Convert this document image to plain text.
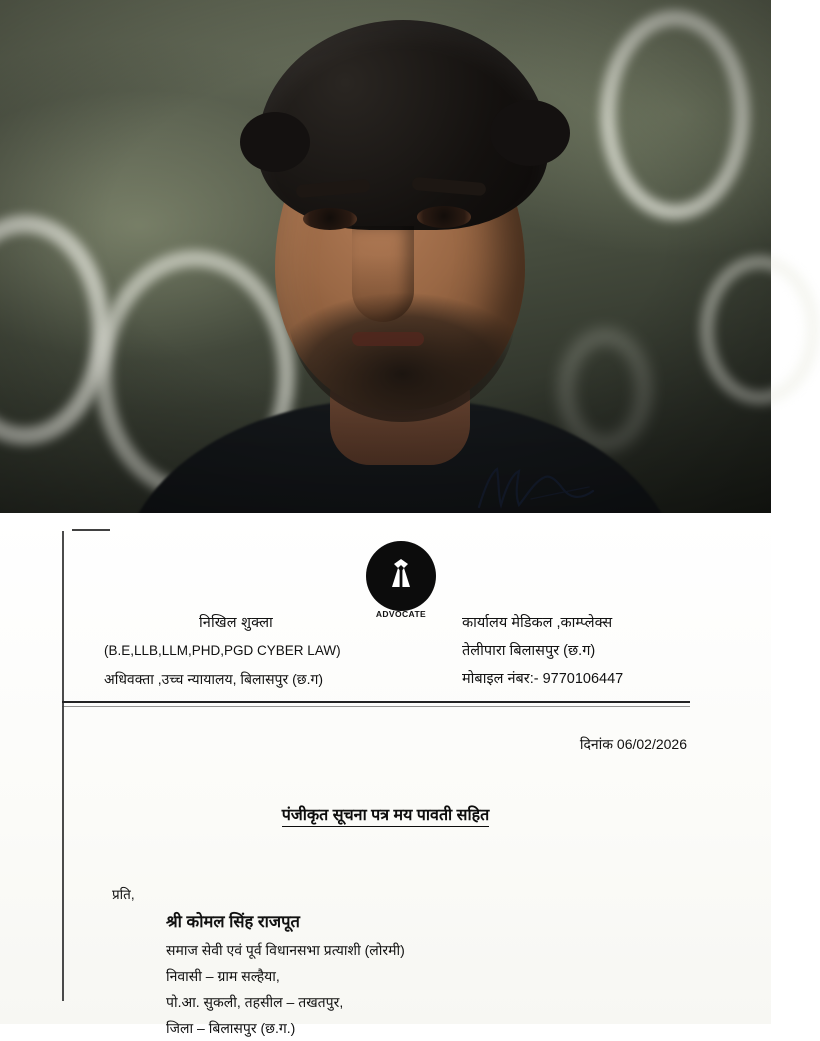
ADVOCATE
निखिल शुक्ला
(B.E,LLB,LLM,PHD,PGD CYBER LAW)
अधिवक्ता ,उच्च न्यायालय, बिलासपुर (छ.ग)
कार्यालय मेडिकल ,काम्प्लेक्स
तेलीपारा बिलासपुर (छ.ग)
मोबाइल नंबर:- 9770106447
दिनांक 06/02/2026
पंजीकृत सूचना पत्र मय पावती सहित
प्रति,
श्री कोमल सिंह राजपूत
समाज सेवी एवं पूर्व विधानसभा प्रत्याशी (लोरमी)
निवासी – ग्राम सल्हैया,
पो.आ. सुकली, तहसील – तखतपुर,
जिला – बिलासपुर (छ.ग.)
